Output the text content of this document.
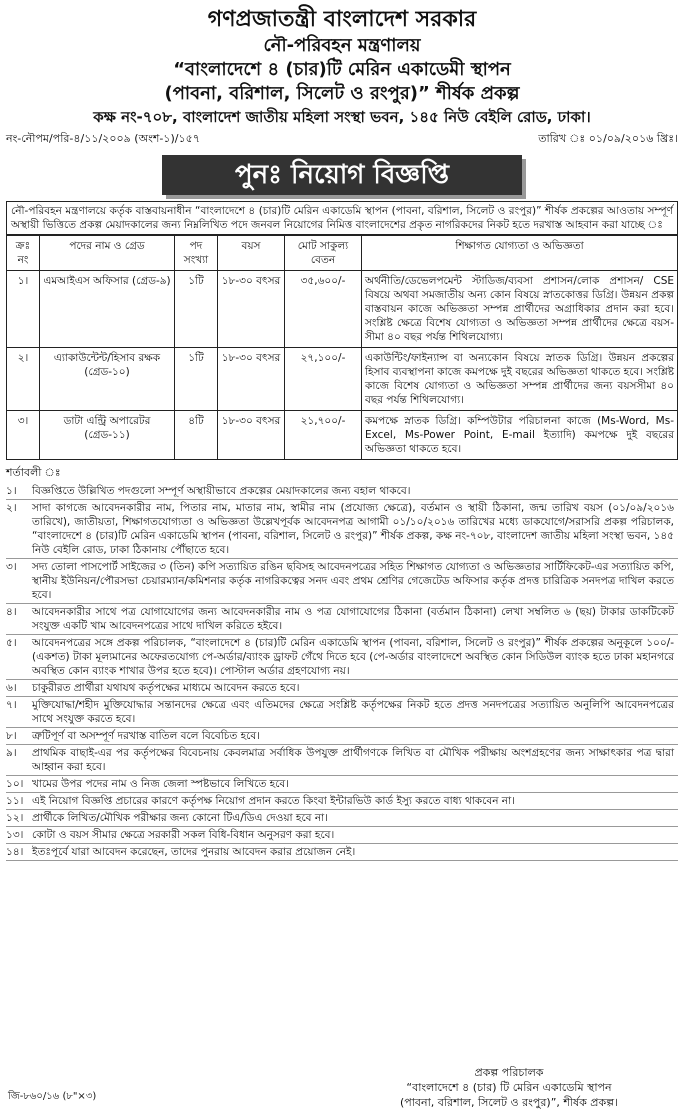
গণপ্রজাতন্ত্রী বাংলাদেশ সরকার
নৌ-পরিবহন মন্ত্রণালয়
“বাংলাদেশে ৪ (চার)টি মেরিন একাডেমী স্থাপন
(পাবনা, বরিশাল, সিলেট ও রংপুর)” শীর্ষক প্রকল্প
কক্ষ নং-৭০৮, বাংলাদেশ জাতীয় মহিলা সংস্থা ভবন, ১৪৫ নিউ বেইলি রোড, ঢাকা।
নং-নৌপম/পরি-৪/১১/২০০৯ (অংশ-১)/১৫৭	তারিখ ঃ ০১/০৯/২০১৬ খ্রিঃ।
পুনঃ নিয়োগ বিজ্ঞপ্তি
নৌ-পরিবহন মন্ত্রণালয়ে কর্তৃক বাস্তবায়নাধীন “বাংলাদেশে ৪ (চার)টি মেরিন একাডেমি স্থাপন (পাবনা, বরিশাল, সিলেট ও রংপুর)” শীর্ষক প্রকল্পের আওতায় সম্পূর্ণ অস্থায়ী ভিত্তিতে প্রকল্প মেয়াদকালের জন্য নিম্নলিখিত পদে জনবল নিয়োগের নিমিত্ত বাংলাদেশের প্রকৃত নাগরিকদের নিকট হতে দরখাস্ত আহবান করা যাচ্ছে ঃ
ক্রঃ নং	পদের নাম ও গ্রেড	পদ সংখ্যা	বয়স	মোট সাকুল্য বেতন	শিক্ষাগত যোগ্যতা ও অভিজ্ঞতা
১।	এমআইএস অফিসার (গ্রেড-৯)	১টি	১৮-৩০ বৎসর	৩৫,৬০০/-	অর্থনীতি/ডেভেলপমেন্ট স্টাডিজ/ব্যবসা প্রশাসন/লোক প্রশাসন/ CSE বিষয়ে অথবা সমজাতীয় অন্য কোন বিষয়ে স্নাতকোত্তর ডিগ্রি। উন্নয়ন প্রকল্প বাস্তবায়ন কাজে অভিজ্ঞতা সম্পন্ন প্রার্থীদের অগ্রাধিকার প্রদান করা হবে। সংশ্লিষ্ট ক্ষেত্রে বিশেষ যোগ্যতা ও অভিজ্ঞতা সম্পন্ন প্রার্থীদের ক্ষেত্রে বয়স-সীমা ৪০ বছর পর্যন্ত শিথিলযোগ্য।
২।	এ্যাকাউন্টেন্ট/হিসাব রক্ষক (গ্রেড-১০)	১টি	১৮-৩০ বৎসর	২৭,১০০/-	একাউন্টিং/ফাইন্যান্স বা অন্যকোন বিষয়ে স্নাতক ডিগ্রি। উন্নয়ন প্রকল্পের হিসাব ব্যবস্থাপনা কাজে কমপক্ষে দুই বছরের অভিজ্ঞতা থাকতে হবে। সংশ্লিষ্ট কাজে বিশেষ যোগ্যতা ও অভিজ্ঞতা সম্পন্ন প্রার্থীদের জন্য বয়সসীমা ৪০ বছর পর্যন্ত শিথিলযোগ্য।
৩।	ডাটা এন্ট্রি অপারেটর (গ্রেড-১১)	৪টি	১৮-৩০ বৎসর	২১,৭০০/-	কমপক্ষে স্নাতক ডিগ্রি। কম্পিউটার পরিচালনা কাজে (Ms-Word, Ms-Excel, Ms-Power Point, E-mail ইত্যাদি) কমপক্ষে দুই বছরের অভিজ্ঞতা থাকতে হবে।
শর্তাবলী ঃ
১।	বিজ্ঞপ্তিতে উল্লিখিত পদগুলো সম্পূর্ণ অস্থায়ীভাবে প্রকল্পের মেয়াদকালের জন্য বহাল থাকবে।
২।	সাদা কাগজে আবেদনকারীর নাম, পিতার নাম, মাতার নাম, স্বামীর নাম (প্রযোজ্য ক্ষেত্রে), বর্তমান ও স্থায়ী ঠিকানা, জন্ম তারিখ বয়স (০১/০৯/২০১৬ তারিখে), জাতীয়তা, শিক্ষাগতযোগ্যতা ও অভিজ্ঞতা উল্লেখপূর্বক আবেদনপত্র আগামী ০১/১০/২০১৬ তারিখের মধ্যে ডাকযোগে/সরাসরি প্রকল্প পরিচালক, “বাংলাদেশে ৪ (চার)টি মেরিন একাডেমি স্থাপন (পাবনা, বরিশাল, সিলেট ও রংপুর)” শীর্ষক প্রকল্প, কক্ষ নং-৭০৮, বাংলাদেশ জাতীয় মহিলা সংস্থা ভবন, ১৪৫ নিউ বেইলি রোড, ঢাকা ঠিকানায় পৌঁছাতে হবে।
৩।	সদ্য তোলা পাসপোর্ট সাইজের ৩ (তিন) কপি সত্যায়িত রঙিন ছবিসহ আবেদনপত্রের সহিত শিক্ষাগত যোগ্যতা ও অভিজ্ঞতার সার্টিফিকেট-এর সত্যায়িত কপি, স্থানীয় ইউনিয়ন/পৌরসভা চেয়ারম্যান/কমিশনার কর্তৃক নাগরিকত্বের সনদ এবং প্রথম শ্রেণির গেজেটেড অফিসার কর্তৃক প্রদত্ত চারিত্রিক সনদপত্র দাখিল করতে হবে।
৪।	আবেদনকারীর সাথে পত্র যোগাযোগের জন্য আবেদনকারীর নাম ও পত্র যোগাযোগের ঠিকানা (বর্তমান ঠিকানা) লেখা সম্বলিত ৬ (ছয়) টাকার ডাকটিকেট সংযুক্ত একটি খাম আবেদনপত্রের সাথে দাখিল করিতে হইবে।
৫।	আবেদনপত্রের সঙ্গে প্রকল্প পরিচালক, “বাংলাদেশে ৪ (চার)টি মেরিন একাডেমি স্থাপন (পাবনা, বরিশাল, সিলেট ও রংপুর)” শীর্ষক প্রকল্পের অনুকূলে ১০০/- (একশত) টাকা মূল্যমানের অফেরতযোগ্য পে-অর্ডার/ব্যাংক ড্রাফট গেঁথে দিতে হবে (পে-অর্ডার বাংলাদেশে অবস্থিত কোন সিডিউল ব্যাংক হতে ঢাকা মহানগরে অবস্থিত কোন ব্যাংক শাখার উপর হতে হবে)। পোস্টাল অর্ডার গ্রহণযোগ্য নয়।
৬।	চাকুরীরত প্রার্থীরা যথাযথ কর্তৃপক্ষের মাধ্যমে আবেদন করতে হবে।
৭।	মুক্তিযোদ্ধা/শহীদ মুক্তিযোদ্ধার সন্তানদের ক্ষেত্রে এবং এতিমদের ক্ষেত্রে সংশ্লিষ্ট কর্তৃপক্ষের নিকট হতে প্রদত্ত সনদপত্রের সত্যায়িত অনুলিপি আবেদনপত্রের সাথে সংযুক্ত করতে হবে।
৮।	ত্রুটিপূর্ণ বা অসম্পূর্ণ দরখাস্ত বাতিল বলে বিবেচিত হবে।
৯।	প্রাথমিক বাছাই-এর পর কর্তৃপক্ষের বিবেচনায় কেবলমাত্র সর্বাধিক উপযুক্ত প্রার্থীগণকে লিখিত বা মৌখিক পরীক্ষায় অংশগ্রহণের জন্য সাক্ষাৎকার পত্র দ্বারা আহ্বান করা হবে।
১০। খামের উপর পদের নাম ও নিজ জেলা স্পষ্টভাবে লিখিতে হবে।
১১। এই নিয়োগ বিজ্ঞপ্তি প্রচারের কারণে কর্তৃপক্ষ নিয়োগ প্রদান করতে কিংবা ইন্টারভিউ কার্ড ইস্যু করতে বাধ্য থাকবেন না।
১২। প্রার্থীকে লিখিত/মৌখিক পরীক্ষার জন্য কোনো টিএ/ডিএ দেওয়া হবে না।
১৩। কোটা ও বয়স সীমার ক্ষেত্রে সরকারী সকল বিধি-বিধান অনুসরণ করা হবে।
১৪। ইতঃপূর্বে যারা আবেদন করেছেন, তাদের পুনরায় আবেদন করার প্রয়োজন নেই।
জি-৮৬০/১৬ (৮"×৩)
প্রকল্প পরিচালক
“বাংলাদেশে ৪ (চার) টি মেরিন একাডেমি স্থাপন
(পাবনা, বরিশাল, সিলেট ও রংপুর)”, শীর্ষক প্রকল্প।
